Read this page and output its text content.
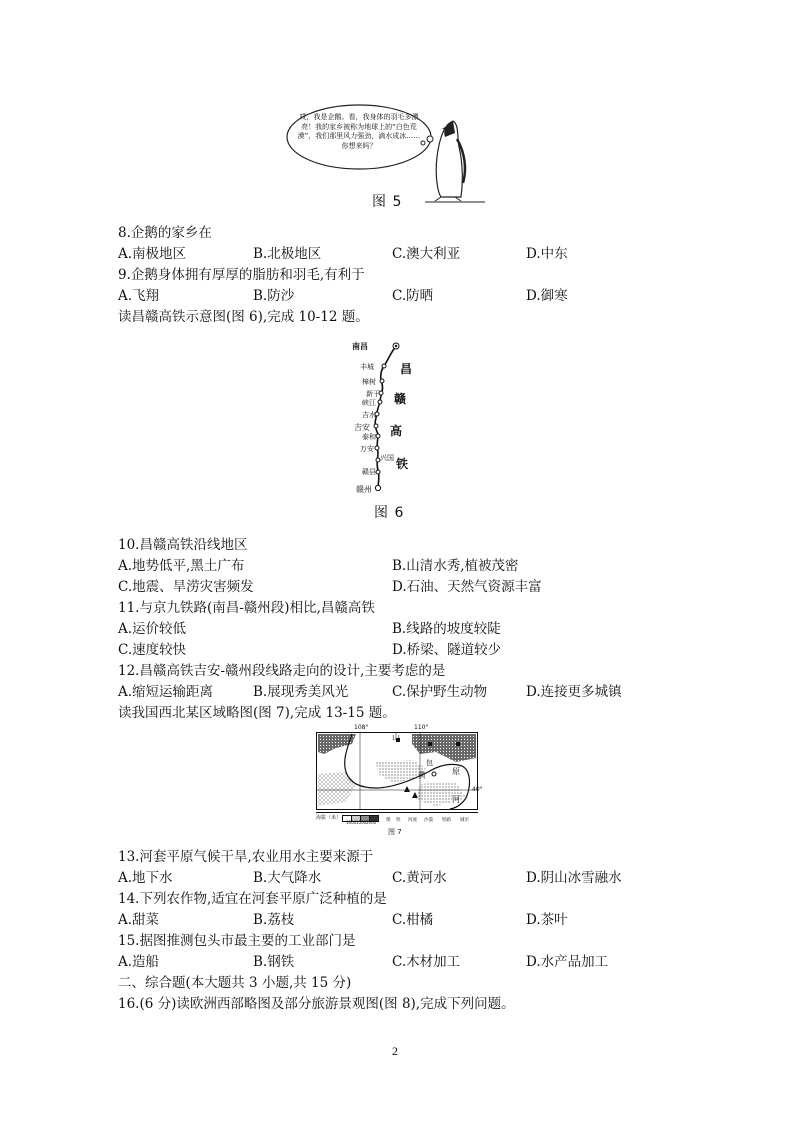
哎，我是企鹅。看，我身体的羽毛多漂亮！我的家乡被称为地球上的“白色荒漠”，我们那里风力强劲，滴水成冰……你想来吗？
图 5
8.企鹅的家乡在
A.南极地区	B.北极地区	C.澳大利亚	D.中东
9.企鹅身体拥有厚厚的脂肪和羽毛,有利于
A.飞翔	B.防沙	C.防晒	D.御寒
读昌赣高铁示意图(图 6),完成 10-12 题。
南昌
丰城
樟树
新干
峡江
吉水
吉安
泰和
万安
兴国
赣县
赣州
昌
赣
高
铁
图 6
10.昌赣高铁沿线地区
A.地势低平,黑土广布	B.山清水秀,植被茂密
C.地震、旱涝灾害频发	D.石油、天然气资源丰富
11.与京九铁路(南昌-赣州段)相比,昌赣高铁
A.运价较低	B.线路的坡度较陡
C.速度较快	D.桥梁、隧道较少
12.昌赣高铁吉安-赣州段线路走向的设计,主要考虑的是
A.缩短运输距离	B.展现秀美风光	C.保护野生动物	D.连接更多城镇
读我国西北某区域略图(图 7),完成 13-15 题。
108°	110°
山
黄
河
原
包
40°
海拔（米）
1000 1500 2000 煤 铁 河流 沙漠 铁路 城市
图 7
13.河套平原气候干旱,农业用水主要来源于
A.地下水	B.大气降水	C.黄河水	D.阴山冰雪融水
14.下列农作物,适宜在河套平原广泛种植的是
A.甜菜	B.荔枝	C.柑橘	D.茶叶
15.据图推测包头市最主要的工业部门是
A.造船	B.钢铁	C.木材加工	D.水产品加工
二、综合题(本大题共 3 小题,共 15 分)
16.(6 分)读欧洲西部略图及部分旅游景观图(图 8),完成下列问题。
2
